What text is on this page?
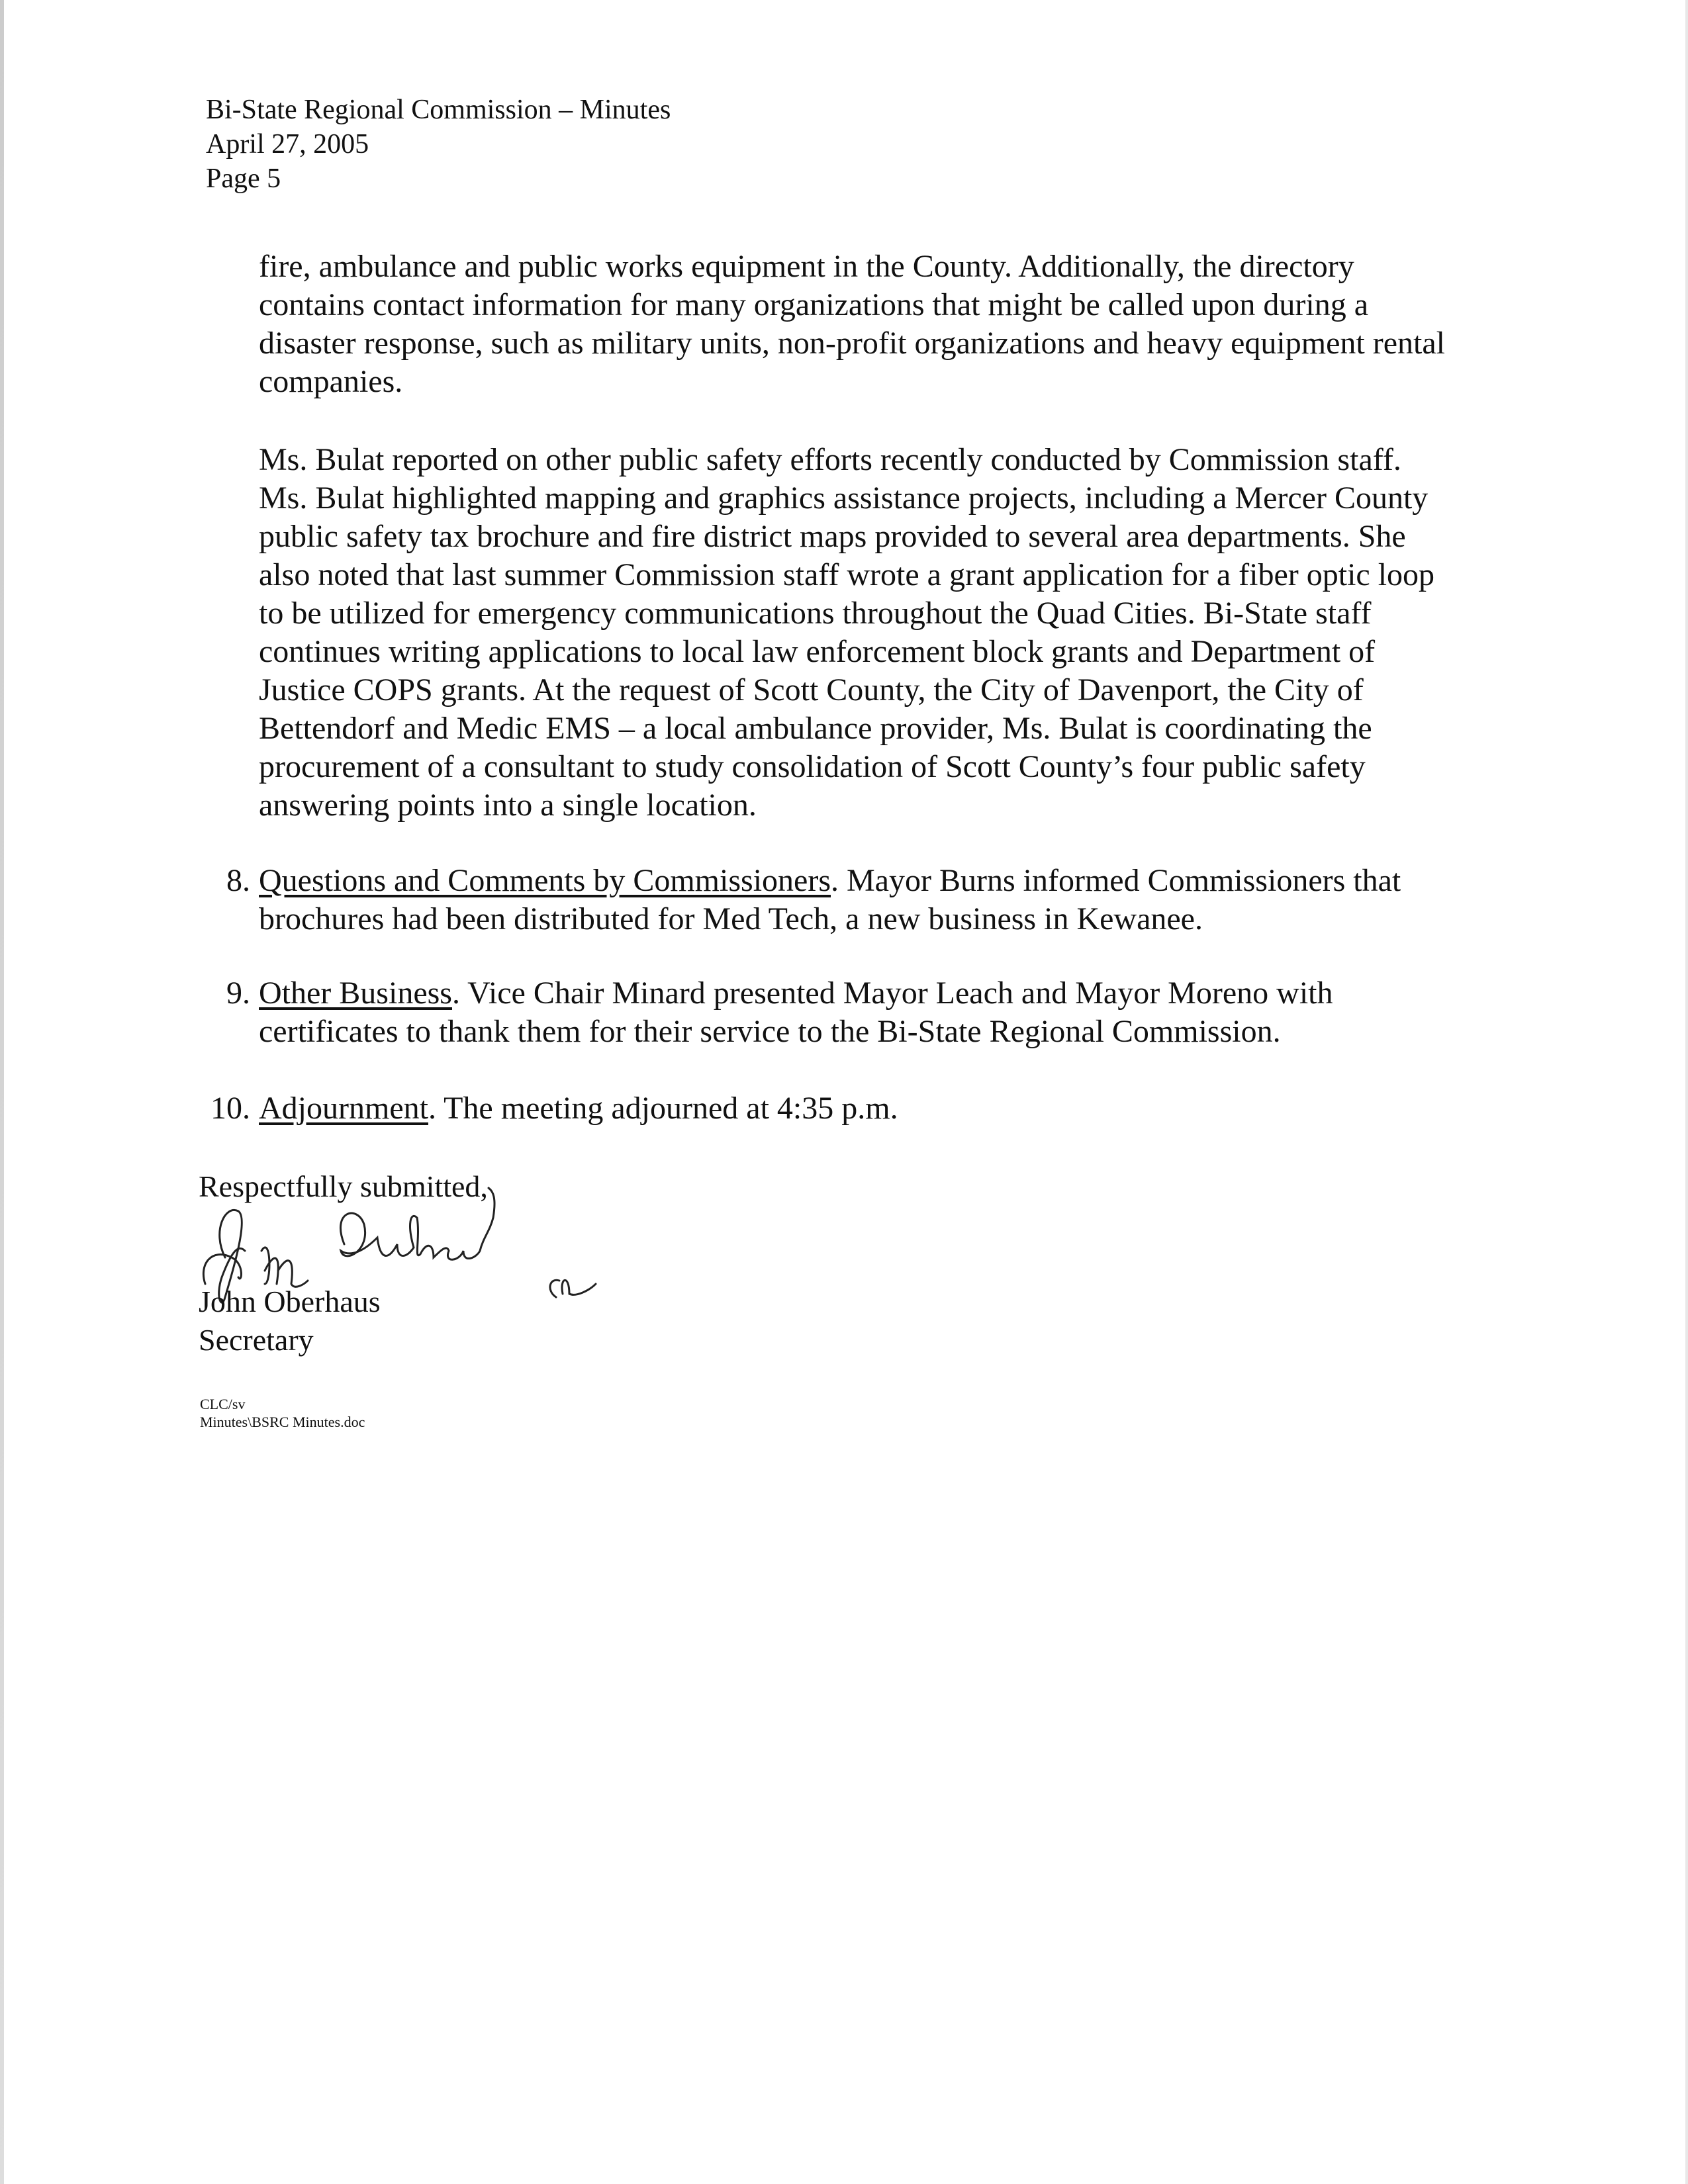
Bi-State Regional Commission – Minutes
April 27, 2005
Page 5
fire, ambulance and public works equipment in the County. Additionally, the directory
contains contact information for many organizations that might be called upon during a
disaster response, such as military units, non-profit organizations and heavy equipment rental
companies.
Ms. Bulat reported on other public safety efforts recently conducted by Commission staff.
Ms. Bulat highlighted mapping and graphics assistance projects, including a Mercer County
public safety tax brochure and fire district maps provided to several area departments. She
also noted that last summer Commission staff wrote a grant application for a fiber optic loop
to be utilized for emergency communications throughout the Quad Cities. Bi-State staff
continues writing applications to local law enforcement block grants and Department of
Justice COPS grants. At the request of Scott County, the City of Davenport, the City of
Bettendorf and Medic EMS – a local ambulance provider, Ms. Bulat is coordinating the
procurement of a consultant to study consolidation of Scott County’s four public safety
answering points into a single location.
8. Questions and Comments by Commissioners. Mayor Burns informed Commissioners that
brochures had been distributed for Med Tech, a new business in Kewanee.
9. Other Business. Vice Chair Minard presented Mayor Leach and Mayor Moreno with
certificates to thank them for their service to the Bi-State Regional Commission.
10. Adjournment. The meeting adjourned at 4:35 p.m.
Respectfully submitted,
John Oberhaus
Secretary
CLC/sv
Minutes\BSRC Minutes.doc
